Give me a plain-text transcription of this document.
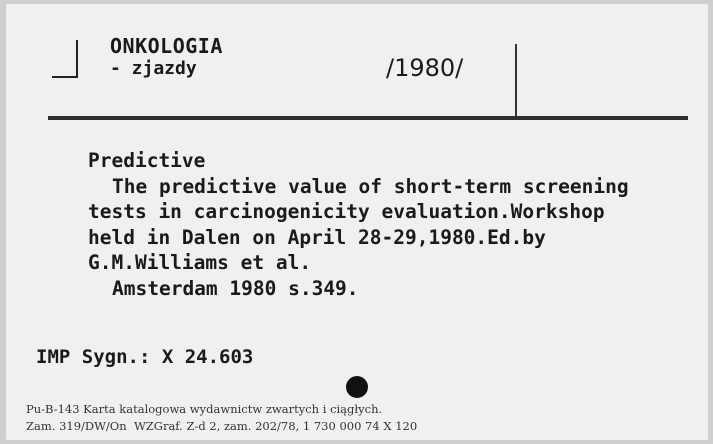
ONKOLOGIA
- zjazdy	/1980/
Predictive
The predictive value of short-term screening
tests in carcinogenicity evaluation.Workshop
held in Dalen on April 28-29,1980.Ed.by
G.M.Williams et al.
Amsterdam 1980 s.349.
IMP Sygn.: X 24.603
Pu-B-143 Karta katalogowa wydawnictw zwartych i ciągłych.
Zam. 319/DW/On  WZGraf. Z-d 2, zam. 202/78, 1 730 000 74 X 120
